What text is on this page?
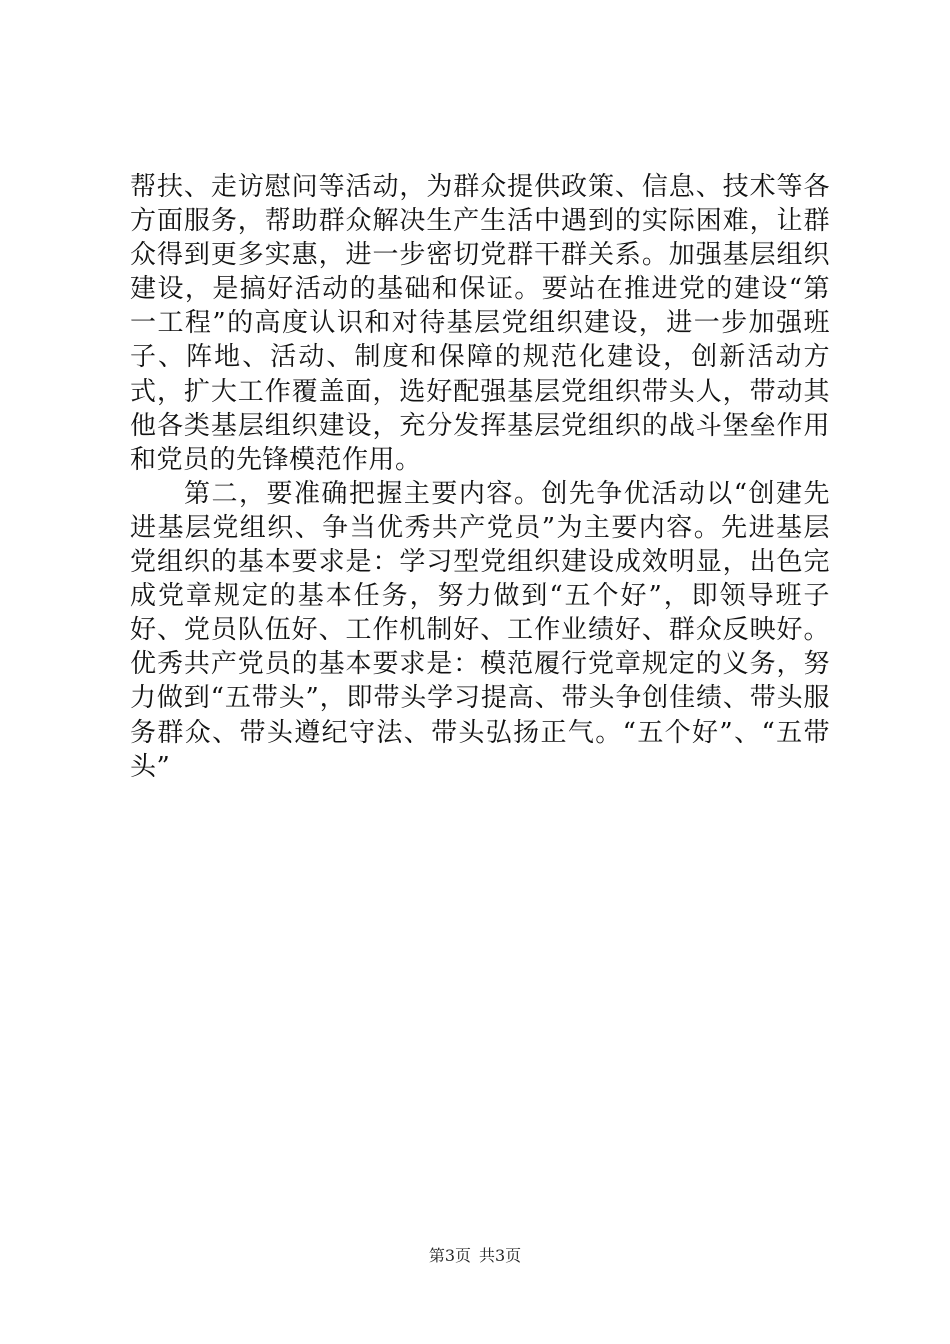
帮扶、走访慰问等活动，为群众提供政策、信息、技术等各方面服务，帮助群众解决生产生活中遇到的实际困难，让群众得到更多实惠，进一步密切党群干群关系。加强基层组织建设，是搞好活动的基础和保证。要站在推进党的建设“第一工程”的高度认识和对待基层党组织建设，进一步加强班子、阵地、活动、制度和保障的规范化建设，创新活动方式，扩大工作覆盖面，选好配强基层党组织带头人，带动其他各类基层组织建设，充分发挥基层党组织的战斗堡垒作用和党员的先锋模范作用。

第二，要准确把握主要内容。创先争优活动以“创建先进基层党组织、争当优秀共产党员”为主要内容。先进基层党组织的基本要求是：学习型党组织建设成效明显，出色完成党章规定的基本任务，努力做到“五个好”，即领导班子好、党员队伍好、工作机制好、工作业绩好、群众反映好。优秀共产党员的基本要求是：模范履行党章规定的义务，努力做到“五带头”，即带头学习提高、带头争创佳绩、带头服务群众、带头遵纪守法、带头弘扬正气。“五个好”、“五带头”

第3页 共3页
